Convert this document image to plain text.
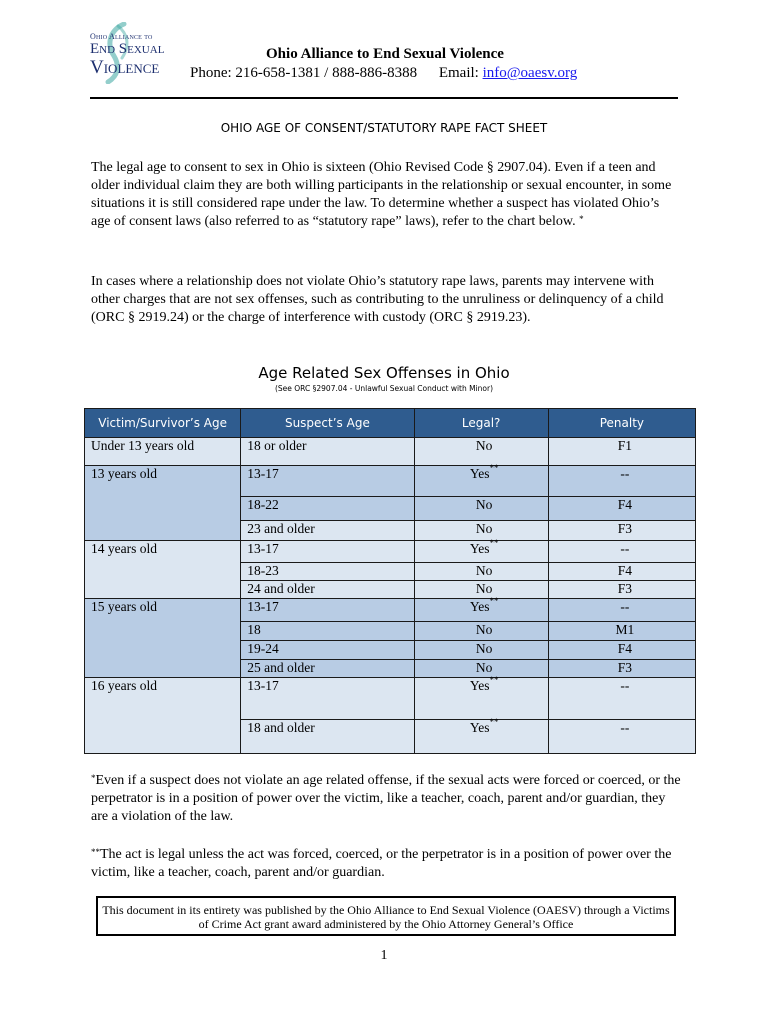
Ohio Alliance to
End Sexual
Violence
Ohio Alliance to End Sexual Violence
Phone: 216-658-1381 / 888-886-8388 Email: info@oaesv.org
OHIO AGE OF CONSENT/STATUTORY RAPE FACT SHEET
The legal age to consent to sex in Ohio is sixteen (Ohio Revised Code § 2907.04). Even if a teen and older individual claim they are both willing participants in the relationship or sexual encounter, in some situations it is still considered rape under the law. To determine whether a suspect has violated Ohio’s age of consent laws (also referred to as “statutory rape” laws), refer to the chart below. *
In cases where a relationship does not violate Ohio’s statutory rape laws, parents may intervene with other charges that are not sex offenses, such as contributing to the unruliness or delinquency of a child (ORC § 2919.24) or the charge of interference with custody (ORC § 2919.23).
Age Related Sex Offenses in Ohio
(See ORC §2907.04 - Unlawful Sexual Conduct with Minor)
Victim/Survivor’s Age	Suspect’s Age	Legal?	Penalty
Under 13 years old	18 or older	No	F1
13 years old	13-17	Yes**	--
	18-22	No	F4
	23 and older	No	F3
14 years old	13-17	Yes**	--
	18-23	No	F4
	24 and older	No	F3
15 years old	13-17	Yes**	--
	18	No	M1
	19-24	No	F4
	25 and older	No	F3
16 years old	13-17	Yes**	--
	18 and older	Yes**	--
*Even if a suspect does not violate an age related offense, if the sexual acts were forced or coerced, or the perpetrator is in a position of power over the victim, like a teacher, coach, parent and/or guardian, they are a violation of the law.
**The act is legal unless the act was forced, coerced, or the perpetrator is in a position of power over the victim, like a teacher, coach, parent and/or guardian.
This document in its entirety was published by the Ohio Alliance to End Sexual Violence (OAESV) through a Victims of Crime Act grant award administered by the Ohio Attorney General’s Office
1
